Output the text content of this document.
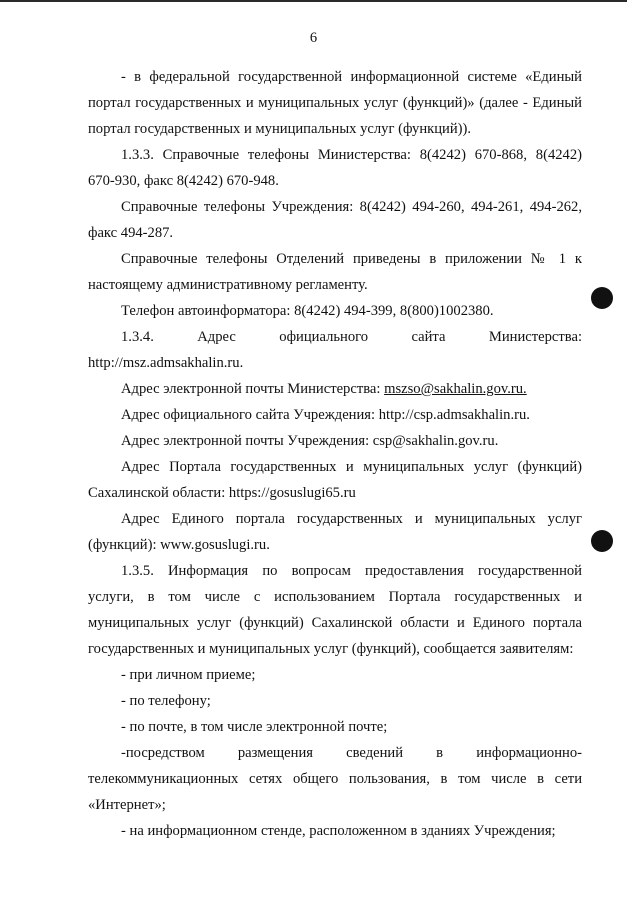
6
- в федеральной государственной информационной системе «Единый
портал государственных и муниципальных услуг (функций)» (далее - Единый
портал государственных и муниципальных услуг (функций)).
1.3.3. Справочные телефоны Министерства: 8(4242) 670-868, 8(4242)
670-930, факс 8(4242) 670-948.
Справочные телефоны Учреждения: 8(4242) 494-260, 494-261, 494-262,
факс 494-287.
Справочные телефоны Отделений приведены в приложении № 1 к
настоящему административному регламенту.
Телефон автоинформатора: 8(4242) 494-399, 8(800)1002380.
1.3.4. Адрес официального сайта Министерства:
http://msz.admsakhalin.ru.
Адрес электронной почты Министерства: mszso@sakhalin.gov.ru.
Адрес официального сайта Учреждения: http://csp.admsakhalin.ru.
Адрес электронной почты Учреждения: csp@sakhalin.gov.ru.
Адрес Портала государственных и муниципальных услуг (функций)
Сахалинской области: https://gosuslugi65.ru
Адрес Единого портала государственных и муниципальных услуг
(функций): www.gosuslugi.ru.
1.3.5. Информация по вопросам предоставления государственной
услуги, в том числе с использованием Портала государственных и
муниципальных услуг (функций) Сахалинской области и Единого портала
государственных и муниципальных услуг (функций), сообщается заявителям:
- при личном приеме;
- по телефону;
- по почте, в том числе электронной почте;
-посредством размещения сведений в информационно-
телекоммуникационных сетях общего пользования, в том числе в сети
«Интернет»;
- на информационном стенде, расположенном в зданиях Учреждения;
